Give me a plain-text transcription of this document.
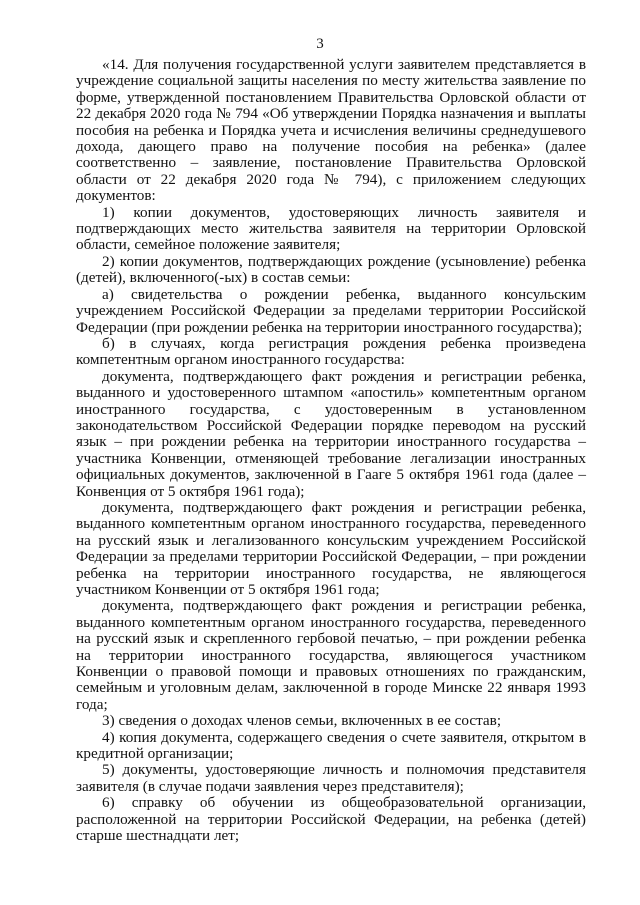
3

«14. Для получения государственной услуги заявителем представляется в учреждение социальной защиты населения по месту жительства заявление по форме, утвержденной постановлением Правительства Орловской области от 22 декабря 2020 года № 794 «Об утверждении Порядка назначения и выплаты пособия на ребенка и Порядка учета и исчисления величины среднедушевого дохода, дающего право на получение пособия на ребенка» (далее соответственно – заявление, постановление Правительства Орловской области от 22 декабря 2020 года № 794), с приложением следующих документов:

1) копии документов, удостоверяющих личность заявителя и подтверждающих место жительства заявителя на территории Орловской области, семейное положение заявителя;

2) копии документов, подтверждающих рождение (усыновление) ребенка (детей), включенного(-ых) в состав семьи:

а) свидетельства о рождении ребенка, выданного консульским учреждением Российской Федерации за пределами территории Российской Федерации (при рождении ребенка на территории иностранного государства);

б) в случаях, когда регистрация рождения ребенка произведена компетентным органом иностранного государства:

документа, подтверждающего факт рождения и регистрации ребенка, выданного и удостоверенного штампом «апостиль» компетентным органом иностранного государства, с удостоверенным в установленном законодательством Российской Федерации порядке переводом на русский язык – при рождении ребенка на территории иностранного государства – участника Конвенции, отменяющей требование легализации иностранных официальных документов, заключенной в Гааге 5 октября 1961 года (далее – Конвенция от 5 октября 1961 года);

документа, подтверждающего факт рождения и регистрации ребенка, выданного компетентным органом иностранного государства, переведенного на русский язык и легализованного консульским учреждением Российской Федерации за пределами территории Российской Федерации, – при рождении ребенка на территории иностранного государства, не являющегося участником Конвенции от 5 октября 1961 года;

документа, подтверждающего факт рождения и регистрации ребенка, выданного компетентным органом иностранного государства, переведенного на русский язык и скрепленного гербовой печатью, – при рождении ребенка на территории иностранного государства, являющегося участником Конвенции о правовой помощи и правовых отношениях по гражданским, семейным и уголовным делам, заключенной в городе Минске 22 января 1993 года;

3) сведения о доходах членов семьи, включенных в ее состав;

4) копия документа, содержащего сведения о счете заявителя, открытом в кредитной организации;

5) документы, удостоверяющие личность и полномочия представителя заявителя (в случае подачи заявления через представителя);

6) справку об обучении из общеобразовательной организации, расположенной на территории Российской Федерации, на ребенка (детей) старше шестнадцати лет;
